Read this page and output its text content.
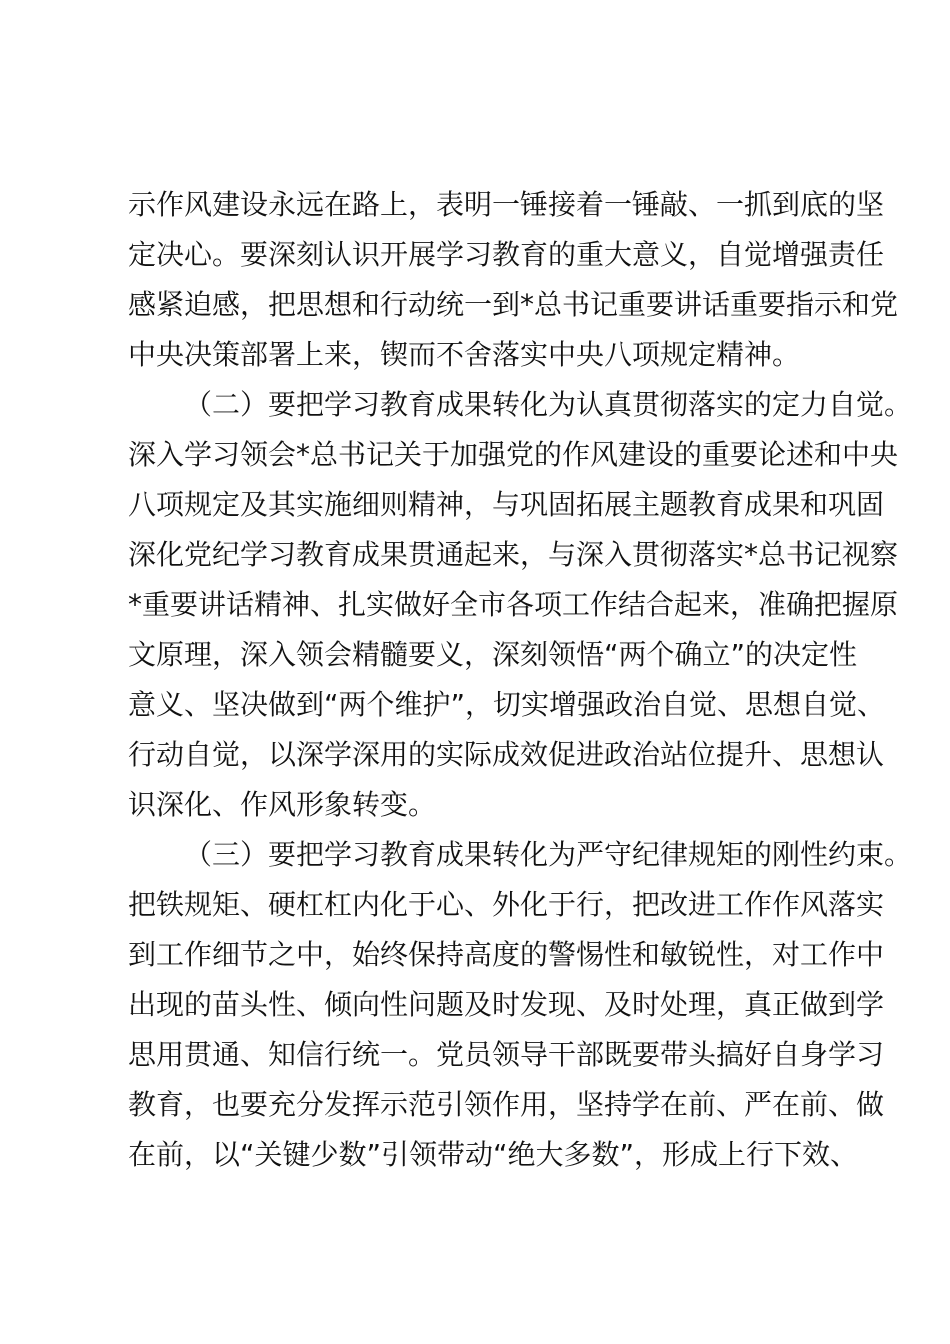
示作风建设永远在路上，表明一锤接着一锤敲、一抓到底的坚
定决心。要深刻认识开展学习教育的重大意义，自觉增强责任
感紧迫感，把思想和行动统一到*总书记重要讲话重要指示和党
中央决策部署上来，锲而不舍落实中央八项规定精神。
（二）要把学习教育成果转化为认真贯彻落实的定力自觉。
深入学习领会*总书记关于加强党的作风建设的重要论述和中央
八项规定及其实施细则精神，与巩固拓展主题教育成果和巩固
深化党纪学习教育成果贯通起来，与深入贯彻落实*总书记视察
*重要讲话精神、扎实做好全市各项工作结合起来，准确把握原
文原理，深入领会精髓要义，深刻领悟“两个确立”的决定性
意义、坚决做到“两个维护”，切实增强政治自觉、思想自觉、
行动自觉，以深学深用的实际成效促进政治站位提升、思想认
识深化、作风形象转变。
（三）要把学习教育成果转化为严守纪律规矩的刚性约束。
把铁规矩、硬杠杠内化于心、外化于行，把改进工作作风落实
到工作细节之中，始终保持高度的警惕性和敏锐性，对工作中
出现的苗头性、倾向性问题及时发现、及时处理，真正做到学
思用贯通、知信行统一。党员领导干部既要带头搞好自身学习
教育，也要充分发挥示范引领作用，坚持学在前、严在前、做
在前，以“关键少数”引领带动“绝大多数”，形成上行下效、
